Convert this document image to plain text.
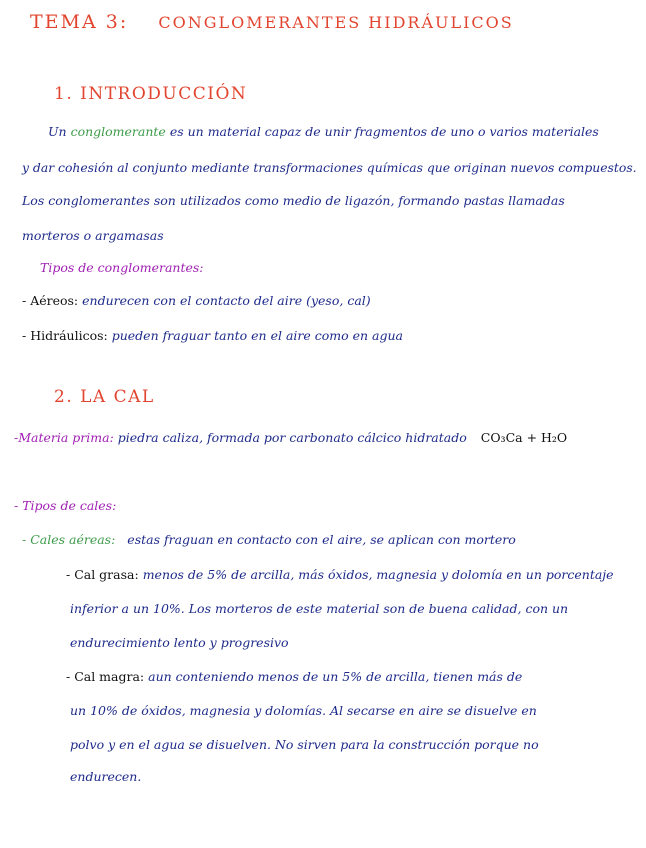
TEMA 3: CONGLOMERANTES HIDRÁULICOS
1. INTRODUCCIÓN
Un conglomerante es un material capaz de unir fragmentos de uno o varios materiales
y dar cohesión al conjunto mediante transformaciones químicas que originan nuevos compuestos.
Los conglomerantes son utilizados como medio de ligazón, formando pastas llamadas
morteros o argamasas
Tipos de conglomerantes:
- Aéreos: endurecen con el contacto del aire (yeso, cal)
- Hidráulicos: pueden fraguar tanto en el aire como en agua
2. LA CAL
-Materia prima: piedra caliza, formada por carbonato cálcico hidratado CO₃Ca + H₂O
- Tipos de cales:
- Cales aéreas: estas fraguan en contacto con el aire, se aplican con mortero
- Cal grasa: menos de 5% de arcilla, más óxidos, magnesia y dolomía en un porcentaje
inferior a un 10%. Los morteros de este material son de buena calidad, con un
endurecimiento lento y progresivo
- Cal magra: aun conteniendo menos de un 5% de arcilla, tienen más de
un 10% de óxidos, magnesia y dolomías. Al secarse en aire se disuelve en
polvo y en el agua se disuelven. No sirven para la construcción porque no
endurecen.
